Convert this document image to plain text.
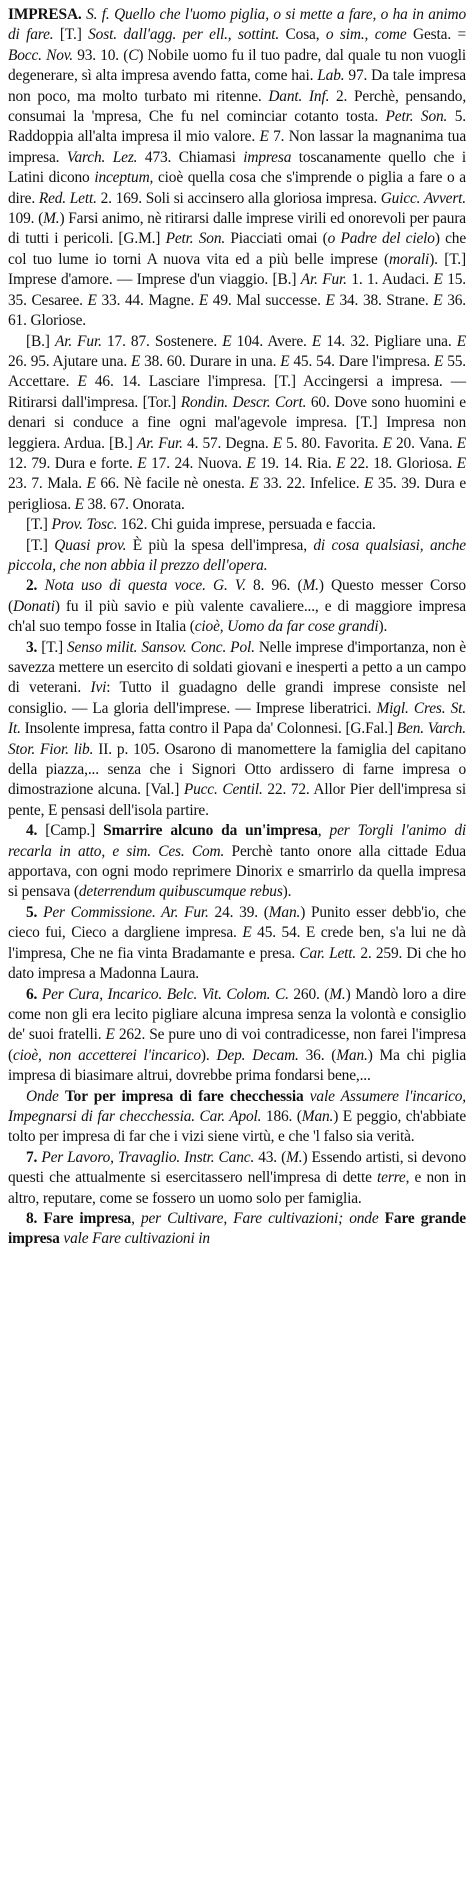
IMPRESA. S. f. Quello che l'uomo piglia, o si mette a fare, o ha in animo di fare. [T.] Sost. dall'agg. per ell., sottint. Cosa, o sim., come Gesta. = Bocc. Nov. 93. 10. (C) Nobile uomo fu il tuo padre, dal quale tu non vuogli degenerare, sì alta impresa avendo fatta, come hai. Lab. 97. Da tale impresa non poco, ma molto turbato mi ritenne. Dant. Inf. 2. Perchè, pensando, consumai la 'mpresa, Che fu nel cominciar cotanto tosta. Petr. Son. 5. Raddoppia all'alta impresa il mio valore. E 7. Non lassar la magnanima tua impresa. Varch. Lez. 473. Chiamasi impresa toscanamente quello che i Latini dicono inceptum, cioè quella cosa che s'imprende o piglia a fare o a dire. Red. Lett. 2. 169. Soli si accinsero alla gloriosa impresa. Guicc. Avvert. 109. (M.) Farsi animo, nè ritirarsi dalle imprese virili ed onorevoli per paura di tutti i pericoli. [G.M.] Petr. Son. Piacciati omai (o Padre del cielo) che col tuo lume io torni A nuova vita ed a più belle imprese (morali). [T.] Imprese d'amore. — Imprese d'un viaggio. [B.] Ar. Fur. 1. 1. Audaci. E 15. 35. Cesaree. E 33. 44. Magne. E 49. Mal successe. E 34. 38. Strane. E 36. 61. Gloriose.

[B.] Ar. Fur. 17. 87. Sostenere. E 104. Avere. E 14. 32. Pigliare una. E 26. 95. Ajutare una. E 38. 60. Durare in una. E 45. 54. Dare l'impresa. E 55. Accettare. E 46. 14. Lasciare l'impresa. [T.] Accingersi a impresa. — Ritirarsi dall'impresa. [Tor.] Rondin. Descr. Cort. 60. Dove sono huomini e denari si conduce a fine ogni mal'agevole impresa. [T.] Impresa non leggiera. Ardua. [B.] Ar. Fur. 4. 57. Degna. E 5. 80. Favorita. E 20. Vana. E 12. 79. Dura e forte. E 17. 24. Nuova. E 19. 14. Ria. E 22. 18. Gloriosa. E 23. 7. Mala. E 66. Nè facile nè onesta. E 33. 22. Infelice. E 35. 39. Dura e perigliosa. E 38. 67. Onorata.

[T.] Prov. Tosc. 162. Chi guida imprese, persuada e faccia.

[T.] Quasi prov. È più la spesa dell'impresa, di cosa qualsiasi, anche piccola, che non abbia il prezzo dell'opera.

2. Nota uso di questa voce. G. V. 8. 96. (M.) Questo messer Corso (Donati) fu il più savio e più valente cavaliere..., e di maggiore impresa ch'al suo tempo fosse in Italia (cioè, Uomo da far cose grandi).

3. [T.] Senso milit. Sansov. Conc. Pol. Nelle imprese d'importanza, non è savezza mettere un esercito di soldati giovani e inesperti a petto a un campo di veterani. Ivi: Tutto il guadagno delle grandi imprese consiste nel consiglio. — La gloria dell'imprese. — Imprese liberatrici. Migl. Cres. St. It. Insolente impresa, fatta contro il Papa da' Colonnesi. [G.Fal.] Ben. Varch. Stor. Fior. lib. II. p. 105. Osarono di manomettere la famiglia del capitano della piazza,... senza che i Signori Otto ardissero di farne impresa o dimostrazione alcuna. [Val.] Pucc. Centil. 22. 72. Allor Pier dell'impresa si pente, E pensasi dell'isola partire.

4. [Camp.] Smarrire alcuno da un'impresa, per Torgli l'animo di recarla in atto, e sim. Ces. Com. Perchè tanto onore alla cittade Edua apportava, con ogni modo reprimere Dinorix e smarrirlo da quella impresa si pensava (deterrendum quibuscumque rebus).

5. Per Commissione. Ar. Fur. 24. 39. (Man.) Punito esser debb'io, che cieco fui, Cieco a dargliene impresa. E 45. 54. E crede ben, s'a lui ne dà l'impresa, Che ne fia vinta Bradamante e presa. Car. Lett. 2. 259. Di che ho dato impresa a Madonna Laura.

6. Per Cura, Incarico. Belc. Vit. Colom. C. 260. (M.) Mandò loro a dire come non gli era lecito pigliare alcuna impresa senza la volontà e consiglio de' suoi fratelli. E 262. Se pure uno di voi contradicesse, non farei l'impresa (cioè, non accetterei l'incarico). Dep. Decam. 36. (Man.) Ma chi piglia impresa di biasimare altrui, dovrebbe prima fondarsi bene,...

Onde Tor per impresa di fare checchessia vale Assumere l'incarico, Impegnarsi di far checchessia. Car. Apol. 186. (Man.) E peggio, ch'abbiate tolto per impresa di far che i vizi siene virtù, e che 'l falso sia verità.

7. Per Lavoro, Travaglio. Instr. Canc. 43. (M.) Essendo artisti, si devono questi che attualmente si esercitassero nell'impresa di dette terre, e non in altro, reputare, come se fossero un uomo solo per famiglia.

8. Fare impresa, per Cultivare, Fare cultivazioni; onde Fare grande impresa vale Fare cultivazioni in
